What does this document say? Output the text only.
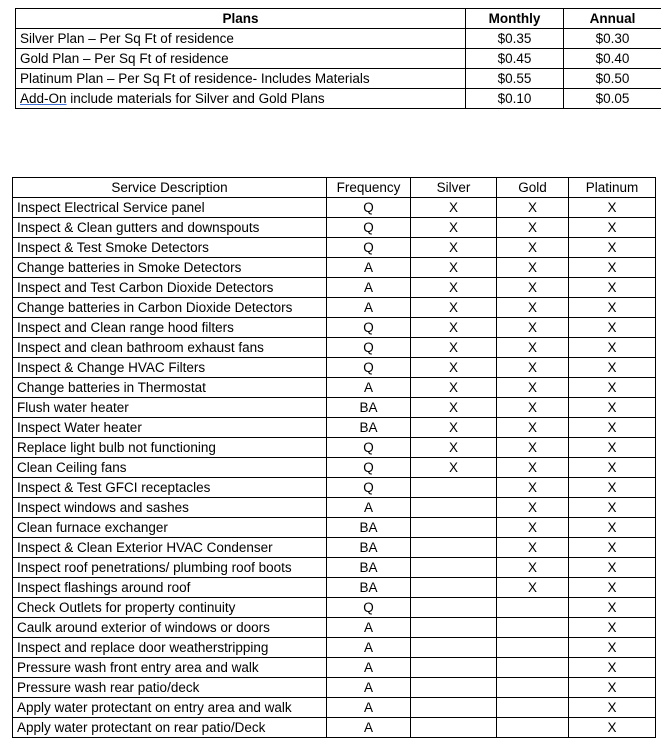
Plans	Monthly	Annual
Silver Plan – Per Sq Ft of residence	$0.35	$0.30
Gold Plan – Per Sq Ft of residence	$0.45	$0.40
Platinum Plan – Per Sq Ft of residence- Includes Materials	$0.55	$0.50
Add-On include materials for Silver and Gold Plans	$0.10	$0.05
Service Description	Frequency	Silver	Gold	Platinum
Inspect Electrical Service panel	Q	X	X	X
Inspect & Clean gutters and downspouts	Q	X	X	X
Inspect & Test Smoke Detectors	Q	X	X	X
Change batteries in Smoke Detectors	A	X	X	X
Inspect and Test Carbon Dioxide Detectors	A	X	X	X
Change batteries in Carbon Dioxide Detectors	A	X	X	X
Inspect and Clean range hood filters	Q	X	X	X
Inspect and clean bathroom exhaust fans	Q	X	X	X
Inspect & Change HVAC Filters	Q	X	X	X
Change batteries in Thermostat	A	X	X	X
Flush water heater	BA	X	X	X
Inspect Water heater	BA	X	X	X
Replace light bulb not functioning	Q	X	X	X
Clean Ceiling fans	Q	X	X	X
Inspect & Test GFCI receptacles	Q		X	X
Inspect windows and sashes	A		X	X
Clean furnace exchanger	BA		X	X
Inspect & Clean Exterior HVAC Condenser	BA		X	X
Inspect roof penetrations/ plumbing roof boots	BA		X	X
Inspect flashings around roof	BA		X	X
Check Outlets for property continuity	Q			X
Caulk around exterior of windows or doors	A			X
Inspect and replace door weatherstripping	A			X
Pressure wash front entry area and walk	A			X
Pressure wash rear patio/deck	A			X
Apply water protectant on entry area and walk	A			X
Apply water protectant on rear patio/Deck	A			X
